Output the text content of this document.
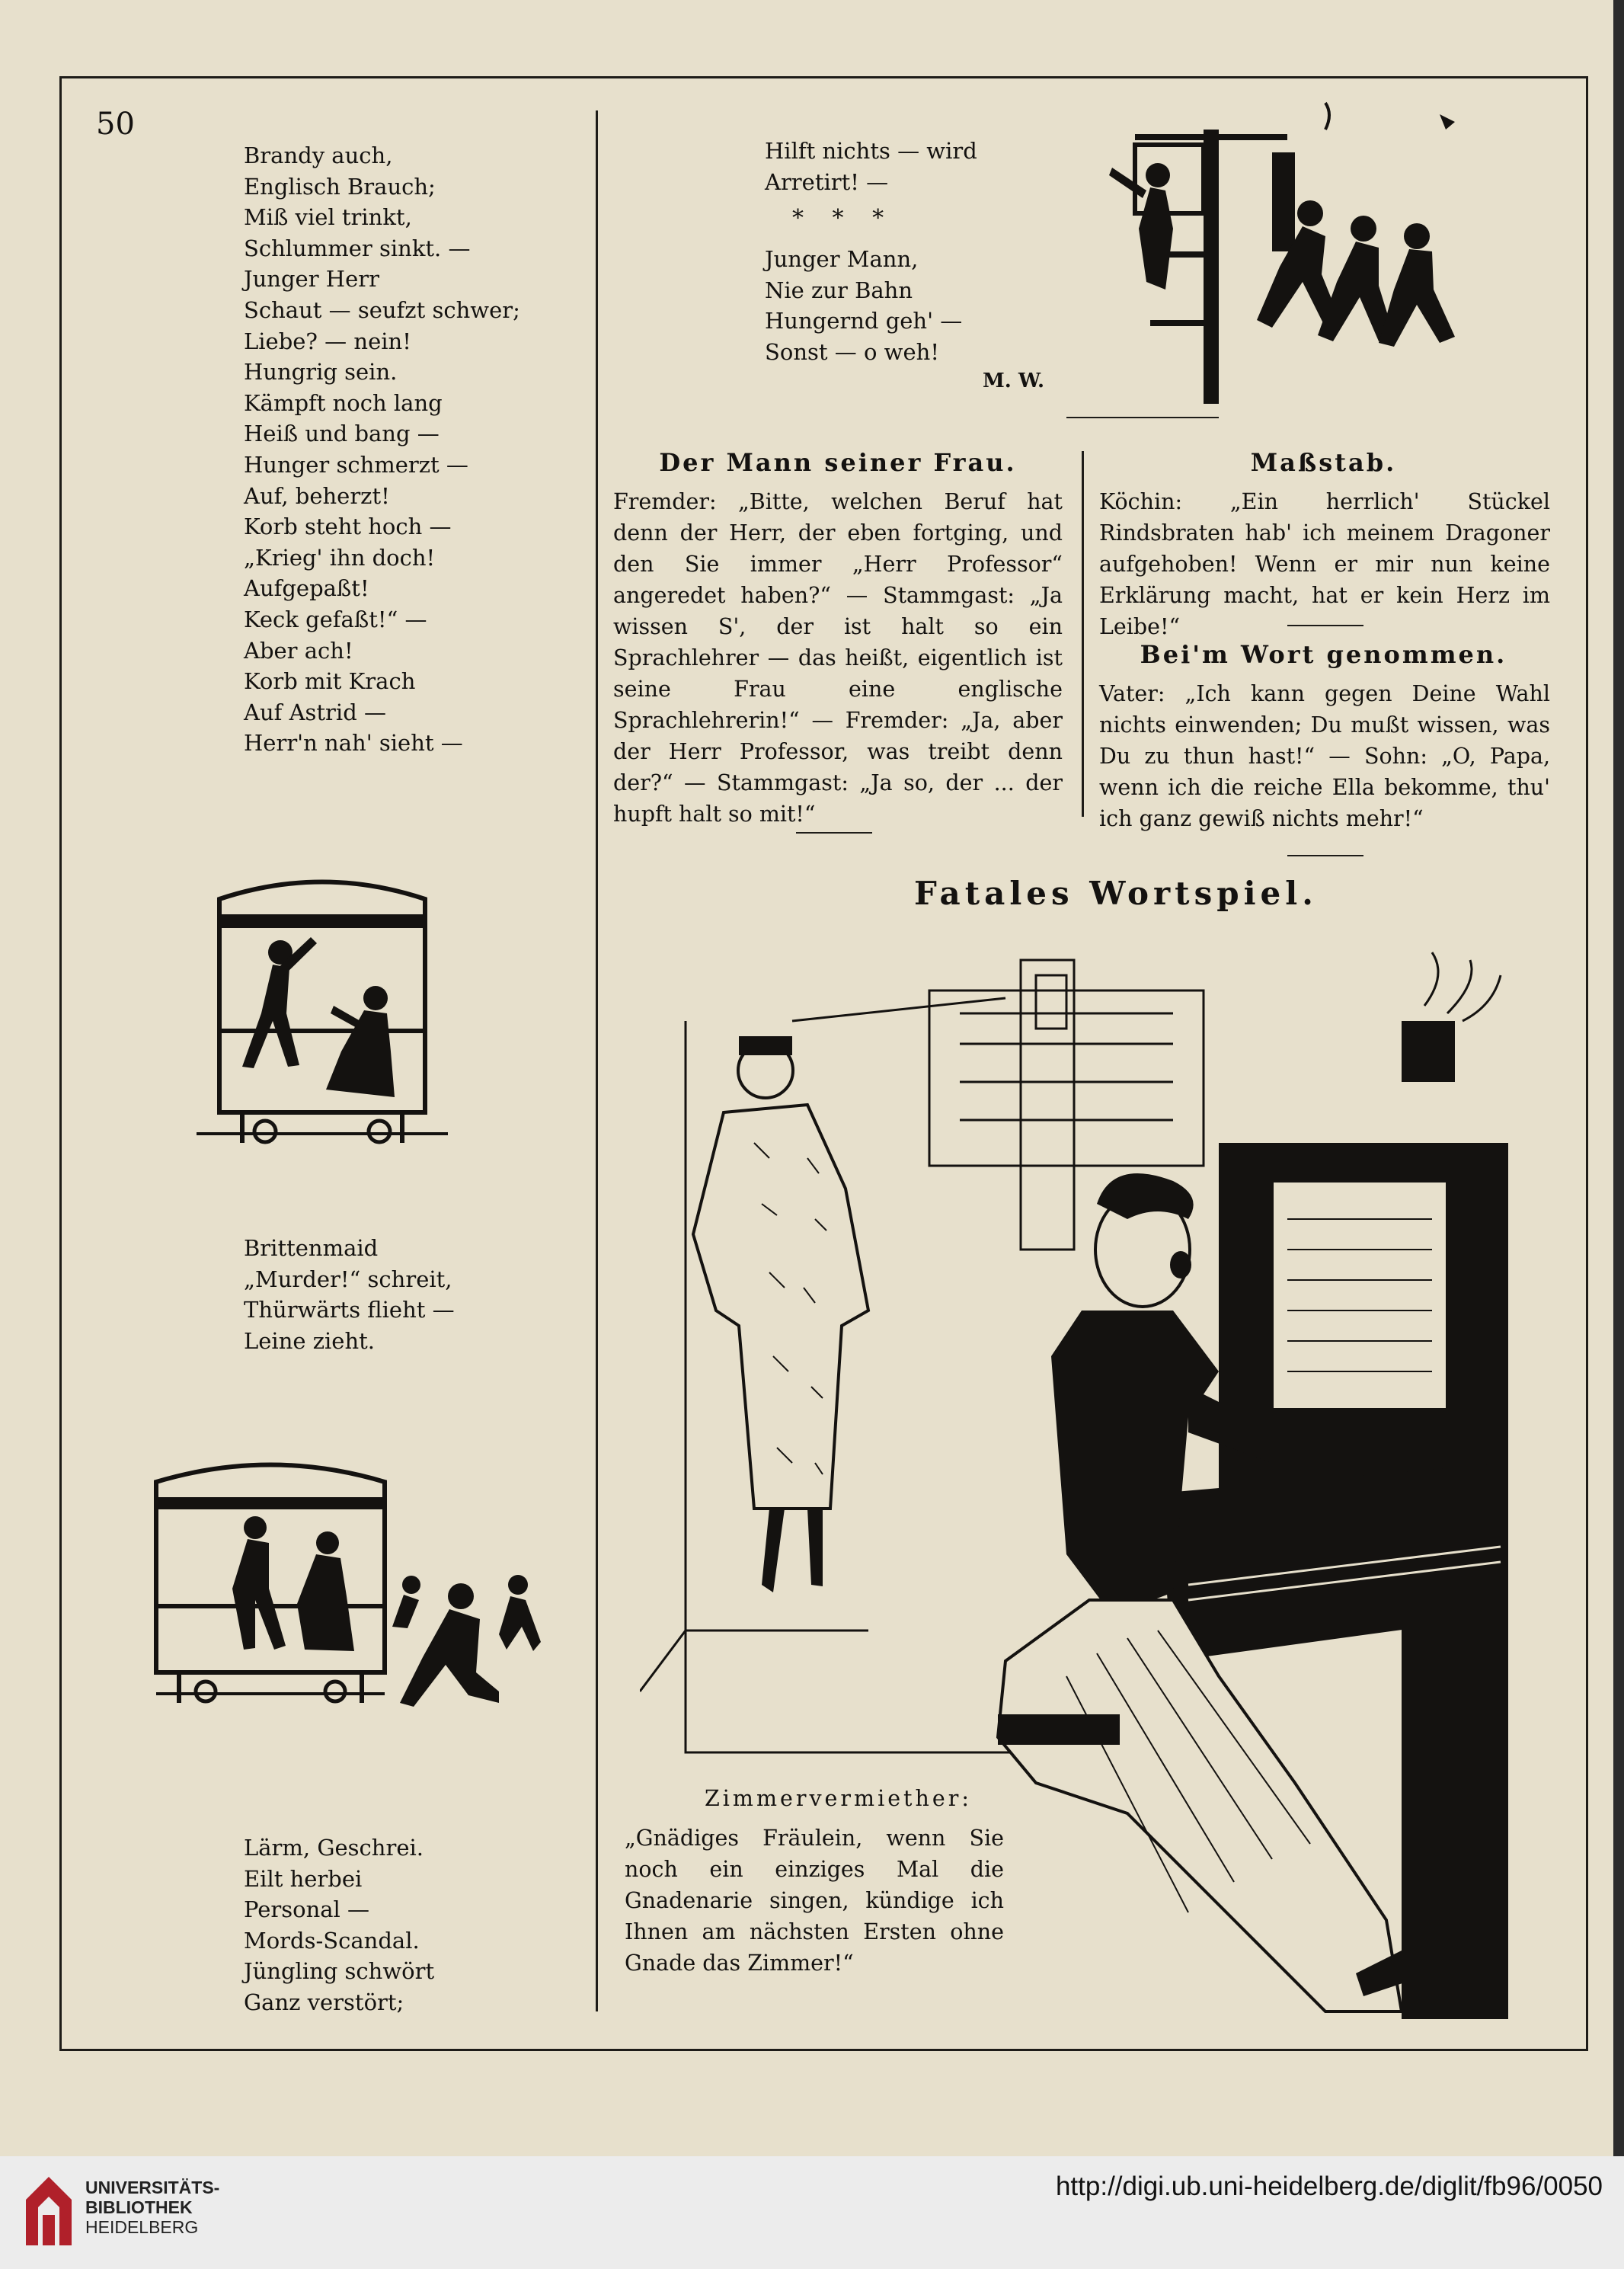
50
Brandy auch,
Englisch Brauch;
Miß viel trinkt,
Schlummer sinkt. —
Junger Herr
Schaut — seufzt schwer;
Liebe? — nein!
Hungrig sein.
Kämpft noch lang
Heiß und bang —
Hunger schmerzt —
Auf, beherzt!
Korb steht hoch —
„Krieg' ihn doch!
Aufgepaßt!
Keck gefaßt!“ —
Aber ach!
Korb mit Krach
Auf Astrid —
Herr'n nah' sieht —
Brittenmaid
„Murder!“ schreit,
Thürwärts flieht —
Leine zieht.
Lärm, Geschrei.
Eilt herbei
Personal —
Mords-Scandal.
Jüngling schwört
Ganz verstört;
Hilft nichts — wird
Arretirt! —
* * *
Junger Mann,
Nie zur Bahn
Hungernd geh' —
Sonst — o weh!
M. W.
Der Mann seiner Frau.

Fremder: „Bitte, welchen Beruf hat denn der Herr, der eben fortging, und den Sie immer „Herr Professor“ angeredet haben?“ — Stammgast: „Ja wissen S', der ist halt so ein Sprachlehrer — das heißt, eigentlich ist seine Frau eine englische Sprachlehrerin!“ — Fremder: „Ja, aber der Herr Professor, was treibt denn der?“ — Stammgast: „Ja so, der ... der hupft halt so mit!“

Maßstab.

Köchin: „Ein herrlich' Stückel Rindsbraten hab' ich meinem Dragoner aufgehoben! Wenn er mir nun keine Erklärung macht, hat er kein Herz im Leibe!“

Bei'm Wort genommen.

Vater: „Ich kann gegen Deine Wahl nichts einwenden; Du mußt wissen, was Du zu thun hast!“ — Sohn: „O, Papa, wenn ich die reiche Ella bekomme, thu' ich ganz gewiß nichts mehr!“

Fatales Wortspiel.
Zimmervermiether:

„Gnädiges Fräulein, wenn Sie noch ein einziges Mal die Gnadenarie singen, kündige ich Ihnen am nächsten Ersten ohne Gnade das Zimmer!“

UNIVERSITÄTS-
BIBLIOTHEK
HEIDELBERG
http://digi.ub.uni-heidelberg.de/diglit/fb96/0050
